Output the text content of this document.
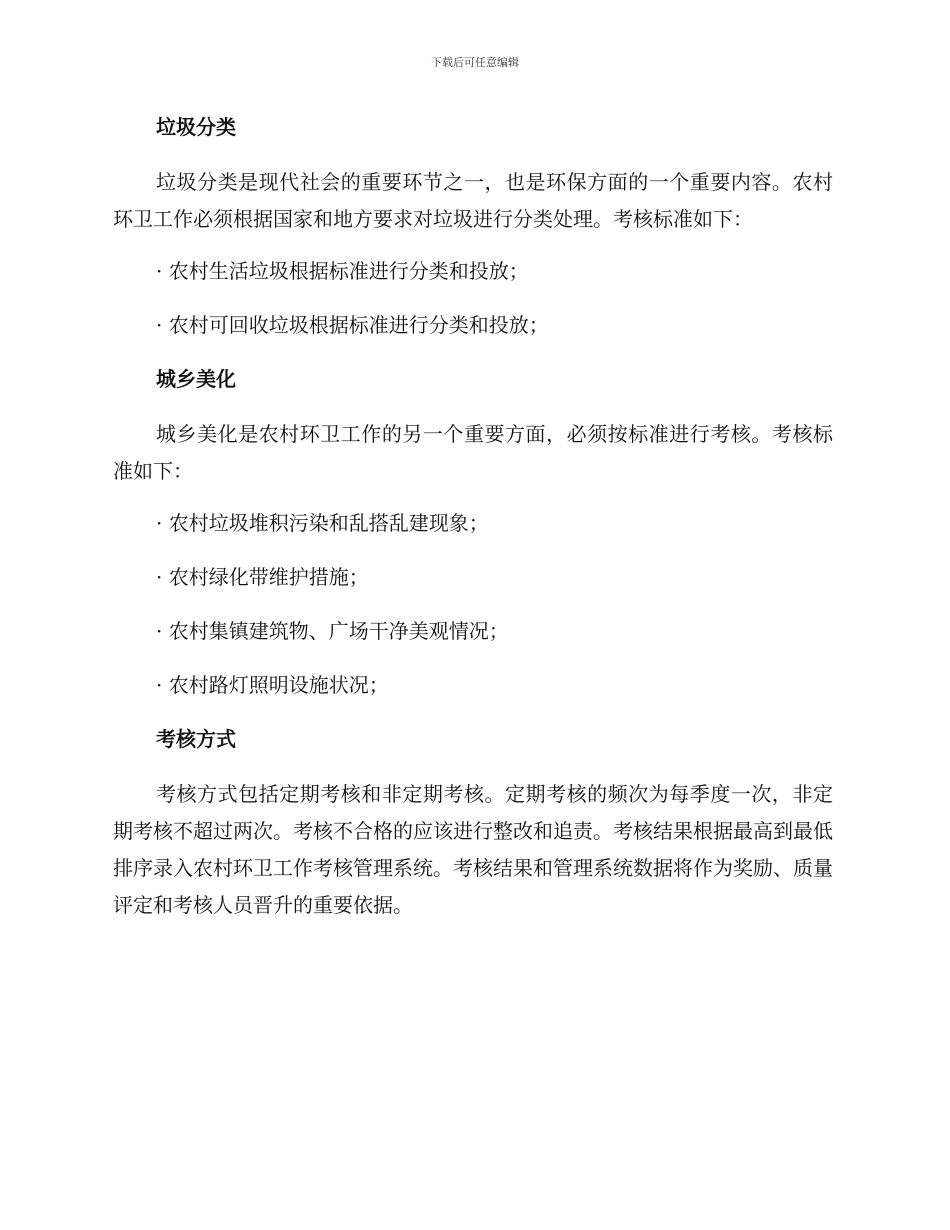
下载后可任意编辑
垃圾分类

垃圾分类是现代社会的重要环节之一，也是环保方面的一个重要内容。农村环卫工作必须根据国家和地方要求对垃圾进行分类处理。考核标准如下：

· 农村生活垃圾根据标准进行分类和投放；

· 农村可回收垃圾根据标准进行分类和投放；

城乡美化

城乡美化是农村环卫工作的另一个重要方面，必须按标准进行考核。考核标准如下：

· 农村垃圾堆积污染和乱搭乱建现象；

· 农村绿化带维护措施；

· 农村集镇建筑物、广场干净美观情况；

· 农村路灯照明设施状况；

考核方式

考核方式包括定期考核和非定期考核。定期考核的频次为每季度一次，非定期考核不超过两次。考核不合格的应该进行整改和追责。考核结果根据最高到最低排序录入农村环卫工作考核管理系统。考核结果和管理系统数据将作为奖励、质量评定和考核人员晋升的重要依据。
